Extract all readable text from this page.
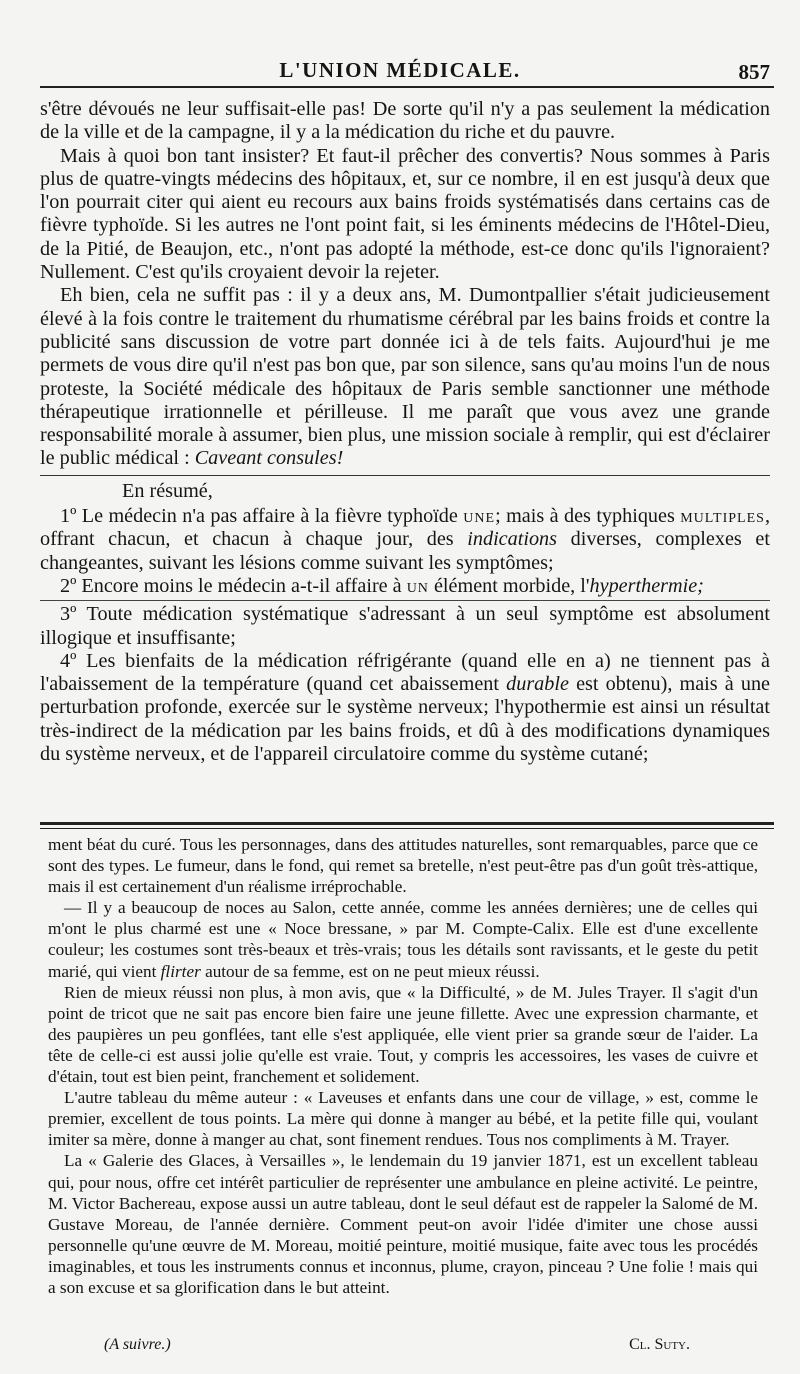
L'UNION MÉDICALE.	857

s'être dévoués ne leur suffisait-elle pas! De sorte qu'il n'y a pas seulement la médication de la ville et de la campagne, il y a la médication du riche et du pauvre.

Mais à quoi bon tant insister? Et faut-il prêcher des convertis? Nous sommes à Paris plus de quatre-vingts médecins des hôpitaux, et, sur ce nombre, il en est jusqu'à deux que l'on pourrait citer qui aient eu recours aux bains froids systématisés dans certains cas de fièvre typhoïde. Si les autres ne l'ont point fait, si les éminents médecins de l'Hôtel-Dieu, de la Pitié, de Beaujon, etc., n'ont pas adopté la méthode, est-ce donc qu'ils l'ignoraient? Nullement. C'est qu'ils croyaient devoir la rejeter.

Eh bien, cela ne suffit pas : il y a deux ans, M. Dumontpallier s'était judicieusement élevé à la fois contre le traitement du rhumatisme cérébral par les bains froids et contre la publicité sans discussion de votre part donnée ici à de tels faits. Aujourd'hui je me permets de vous dire qu'il n'est pas bon que, par son silence, sans qu'au moins l'un de nous proteste, la Société médicale des hôpitaux de Paris semble sanctionner une méthode thérapeutique irrationnelle et périlleuse. Il me paraît que vous avez une grande responsabilité morale à assumer, bien plus, une mission sociale à remplir, qui est d'éclairer le public médical : Caveant consules!

En résumé,

1º Le médecin n'a pas affaire à la fièvre typhoïde une; mais à des typhiques multiples, offrant chacun, et chacun à chaque jour, des indications diverses, complexes et changeantes, suivant les lésions comme suivant les symptômes;

2º Encore moins le médecin a-t-il affaire à un élément morbide, l'hyperthermie;

3º Toute médication systématique s'adressant à un seul symptôme est absolument illogique et insuffisante;

4º Les bienfaits de la médication réfrigérante (quand elle en a) ne tiennent pas à l'abaissement de la température (quand cet abaissement durable est obtenu), mais à une perturbation profonde, exercée sur le système nerveux; l'hypothermie est ainsi un résultat très-indirect de la médication par les bains froids, et dû à des modifications dynamiques du système nerveux, et de l'appareil circulatoire comme du système cutané;

ment béat du curé. Tous les personnages, dans des attitudes naturelles, sont remarquables, parce que ce sont des types. Le fumeur, dans le fond, qui remet sa bretelle, n'est peut-être pas d'un goût très-attique, mais il est certainement d'un réalisme irréprochable.

— Il y a beaucoup de noces au Salon, cette année, comme les années dernières; une de celles qui m'ont le plus charmé est une « Noce bressane, » par M. Compte-Calix. Elle est d'une excellente couleur; les costumes sont très-beaux et très-vrais; tous les détails sont ravissants, et le geste du petit marié, qui vient flirter autour de sa femme, est on ne peut mieux réussi.

Rien de mieux réussi non plus, à mon avis, que « la Difficulté, » de M. Jules Trayer. Il s'agit d'un point de tricot que ne sait pas encore bien faire une jeune fillette. Avec une expression charmante, et des paupières un peu gonflées, tant elle s'est appliquée, elle vient prier sa grande sœur de l'aider. La tête de celle-ci est aussi jolie qu'elle est vraie. Tout, y compris les accessoires, les vases de cuivre et d'étain, tout est bien peint, franchement et solidement.

L'autre tableau du même auteur : « Laveuses et enfants dans une cour de village, » est, comme le premier, excellent de tous points. La mère qui donne à manger au bébé, et la petite fille qui, voulant imiter sa mère, donne à manger au chat, sont finement rendues. Tous nos compliments à M. Trayer.

La « Galerie des Glaces, à Versailles », le lendemain du 19 janvier 1871, est un excellent tableau qui, pour nous, offre cet intérêt particulier de représenter une ambulance en pleine activité. Le peintre, M. Victor Bachereau, expose aussi un autre tableau, dont le seul défaut est de rappeler la Salomé de M. Gustave Moreau, de l'année dernière. Comment peut-on avoir l'idée d'imiter une chose aussi personnelle qu'une œuvre de M. Moreau, moitié peinture, moitié musique, faite avec tous les procédés imaginables, et tous les instruments connus et inconnus, plume, crayon, pinceau ? Une folie ! mais qui a son excuse et sa glorification dans le but atteint.

(A suivre.)	Cl. Suty.
